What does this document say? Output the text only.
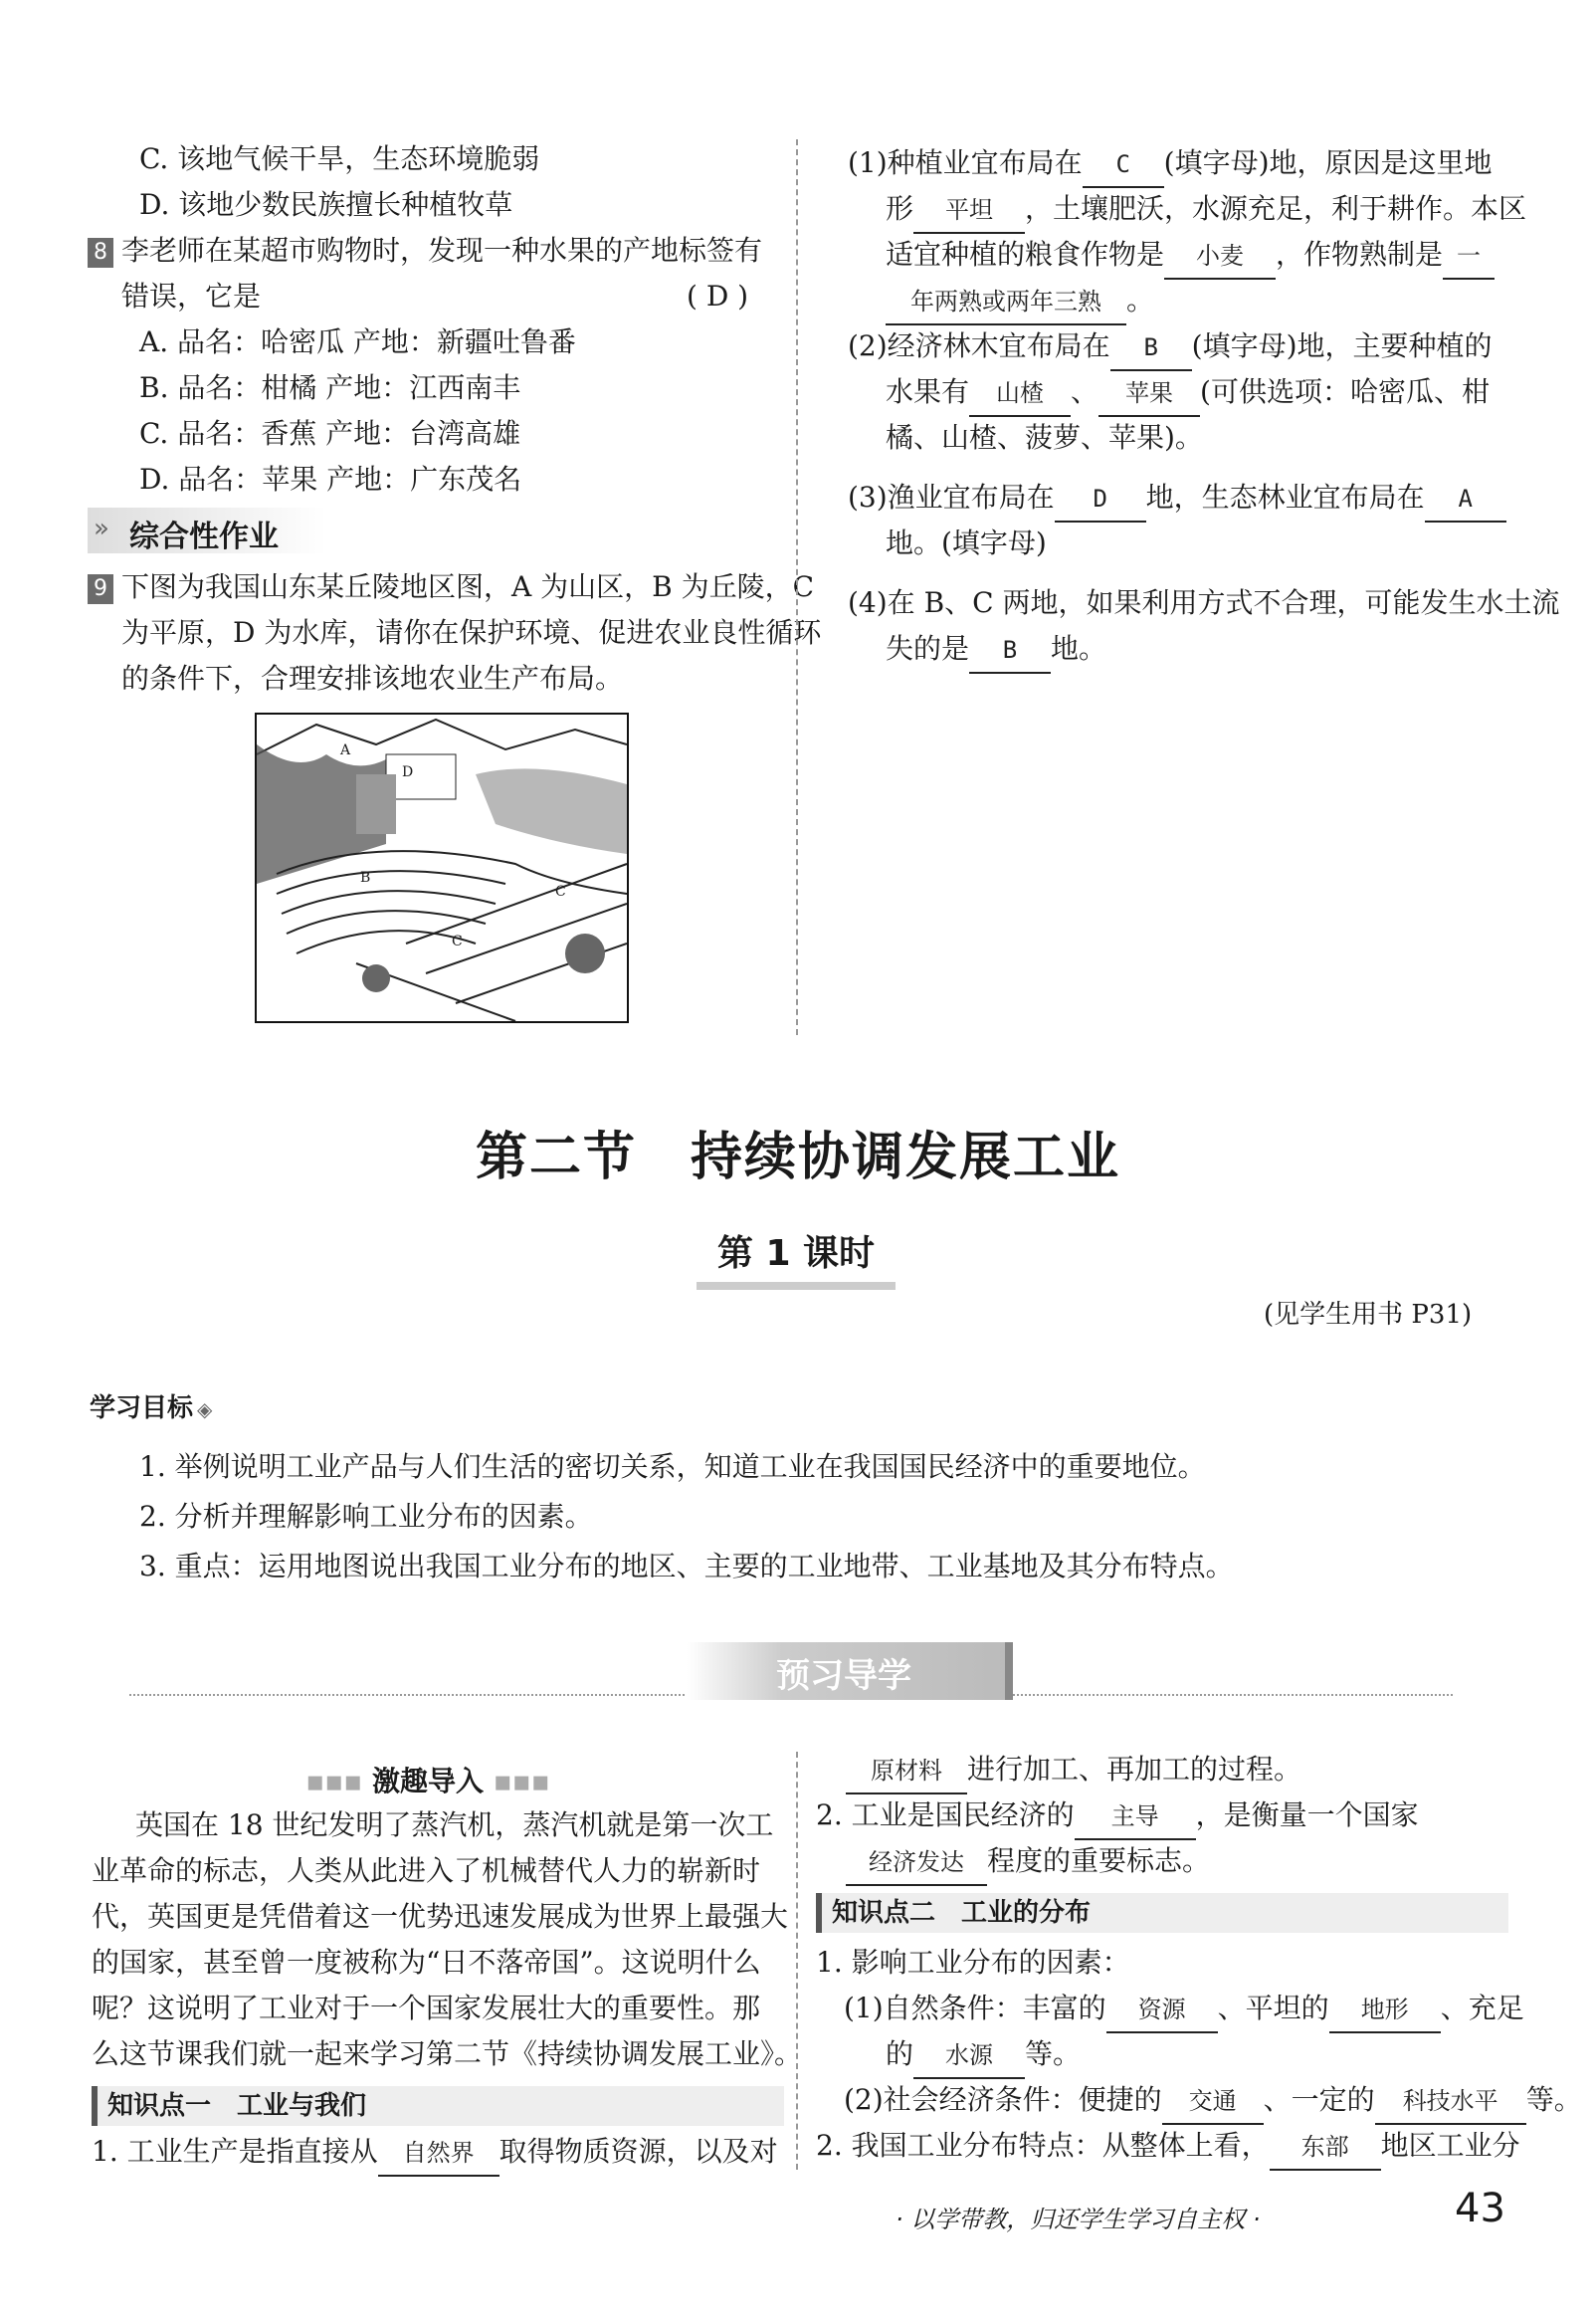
C. 该地气候干旱，生态环境脆弱
D. 该地少数民族擅长种植牧草
8 李老师在某超市购物时，发现一种水果的产地标签有
错误，它是	( D )
A. 品名：哈密瓜 产地：新疆吐鲁番
B. 品名：柑橘 产地：江西南丰
C. 品名：香蕉 产地：台湾高雄
D. 品名：苹果 产地：广东茂名
» 综合性作业
9 下图为我国山东某丘陵地区图，A 为山区，B 为丘陵，C
为平原，D 为水库，请你在保护环境、促进农业良性循环
的条件下，合理安排该地农业生产布局。
A
D
B
C
C
(1)种植业宜布局在 C (填字母)地，原因是这里地
形 平坦 ，土壤肥沃，水源充足，利于耕作。本区
适宜种植的粮食作物是 小麦 ，作物熟制是 一
年两熟或两年三熟 。
(2)经济林木宜布局在 B (填字母)地，主要种植的
水果有 山楂 、 苹果 (可供选项：哈密瓜、柑
橘、山楂、菠萝、苹果)。
(3)渔业宜布局在 D 地，生态林业宜布局在 A
地。(填字母)
(4)在 B、C 两地，如果利用方式不合理，可能发生水土流
失的是 B 地。
第二节　持续协调发展工业
第 1 课时
(见学生用书 P31)
学习目标 ◈
1. 举例说明工业产品与人们生活的密切关系，知道工业在我国国民经济中的重要地位。
2. 分析并理解影响工业分布的因素。
3. 重点：运用地图说出我国工业分布的地区、主要的工业地带、工业基地及其分布特点。
预习导学
▪▪▪ 激趣导入 ▪▪▪
英国在 18 世纪发明了蒸汽机，蒸汽机就是第一次工
业革命的标志，人类从此进入了机械替代人力的崭新时
代，英国更是凭借着这一优势迅速发展成为世界上最强大
的国家，甚至曾一度被称为“日不落帝国”。这说明什么
呢？这说明了工业对于一个国家发展壮大的重要性。那
么这节课我们就一起来学习第二节《持续协调发展工业》。
知识点一　工业与我们
1. 工业生产是指直接从 自然界 取得物质资源，以及对
原材料 进行加工、再加工的过程。
2. 工业是国民经济的 主导 ，是衡量一个国家
经济发达 程度的重要标志。
知识点二　工业的分布
1. 影响工业分布的因素：
(1)自然条件：丰富的 资源 、平坦的 地形 、充足
的 水源 等。
(2)社会经济条件：便捷的 交通 、一定的 科技水平 等。
2. 我国工业分布特点：从整体上看， 东部 地区工业分
· 以学带教，归还学生学习自主权 ·	43
